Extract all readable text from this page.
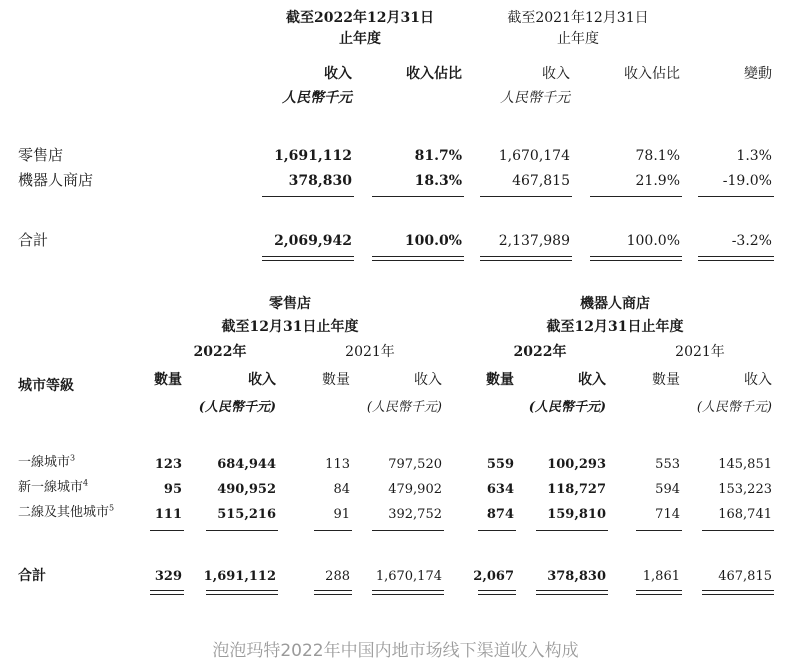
截至2022年12月31日
止年度
截至2021年12月31日
止年度
收入	收入佔比	收入	收入佔比	變動
人民幣千元	人民幣千元
零售店	1,691,112	81.7%	1,670,174	78.1%	1.3%
機器人商店	378,830	18.3%	467,815	21.9%	-19.0%
合計	2,069,942	100.0%	2,137,989	100.0%	-3.2%
零售店
截至12月31日止年度
機器人商店
截至12月31日止年度
2022年	2021年	2022年	2021年
城市等級	數量	收入	數量	收入	數量	收入	數量	收入
(人民幣千元)	(人民幣千元)	(人民幣千元)	(人民幣千元)
一線城市$^3$	123	684,944	113	797,520	559	100,293	553	145,851
新一線城市$^4$	95	490,952	84	479,902	634	118,727	594	153,223
二線及其他城市$^5$	111	515,216	91	392,752	874	159,810	714	168,741
合計	329	1,691,112	288	1,670,174	2,067	378,830	1,861	467,815
泡泡玛特2022年中国内地市场线下渠道收入构成
